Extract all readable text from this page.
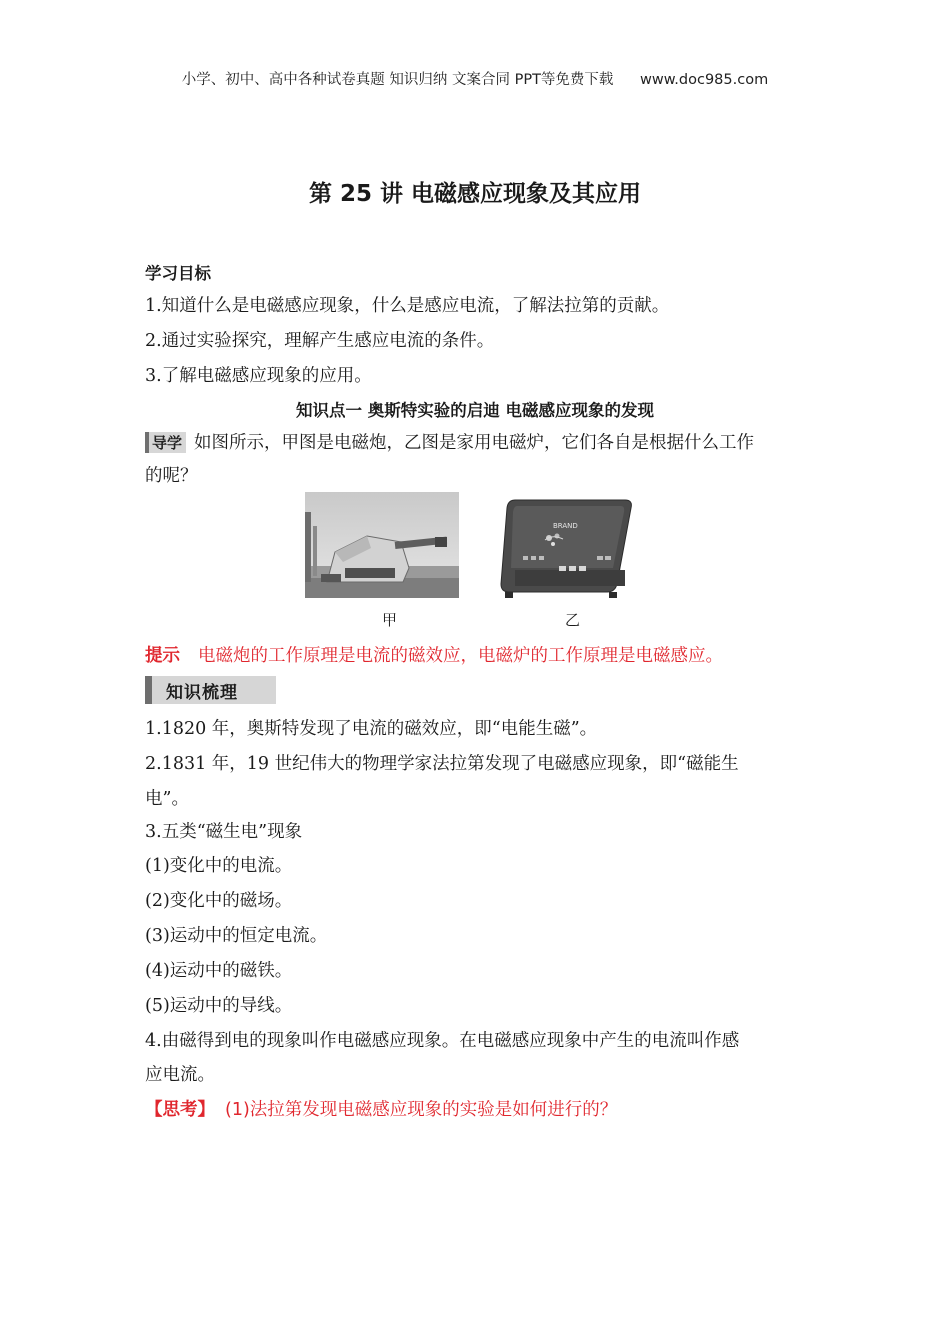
小学、初中、高中各种试卷真题 知识归纳 文案合同 PPT等免费下载 www.doc985.com
第 25 讲 电磁感应现象及其应用
学习目标
1.知道什么是电磁感应现象，什么是感应电流，了解法拉第的贡献。
2.通过实验探究，理解产生感应电流的条件。
3.了解电磁感应现象的应用。
知识点一 奥斯特实验的启迪 电磁感应现象的发现
导学 如图所示，甲图是电磁炮，乙图是家用电磁炉，它们各自是根据什么工作
的呢？
甲
BRAND
乙
提示 电磁炮的工作原理是电流的磁效应，电磁炉的工作原理是电磁感应。
知识梳理
1.1820 年，奥斯特发现了电流的磁效应，即“电能生磁”。
2.1831 年，19 世纪伟大的物理学家法拉第发现了电磁感应现象，即“磁能生
电”。
3.五类“磁生电”现象
(1)变化中的电流。
(2)变化中的磁场。
(3)运动中的恒定电流。
(4)运动中的磁铁。
(5)运动中的导线。
4.由磁得到电的现象叫作电磁感应现象。在电磁感应现象中产生的电流叫作感
应电流。
【思考】 (1)法拉第发现电磁感应现象的实验是如何进行的？
